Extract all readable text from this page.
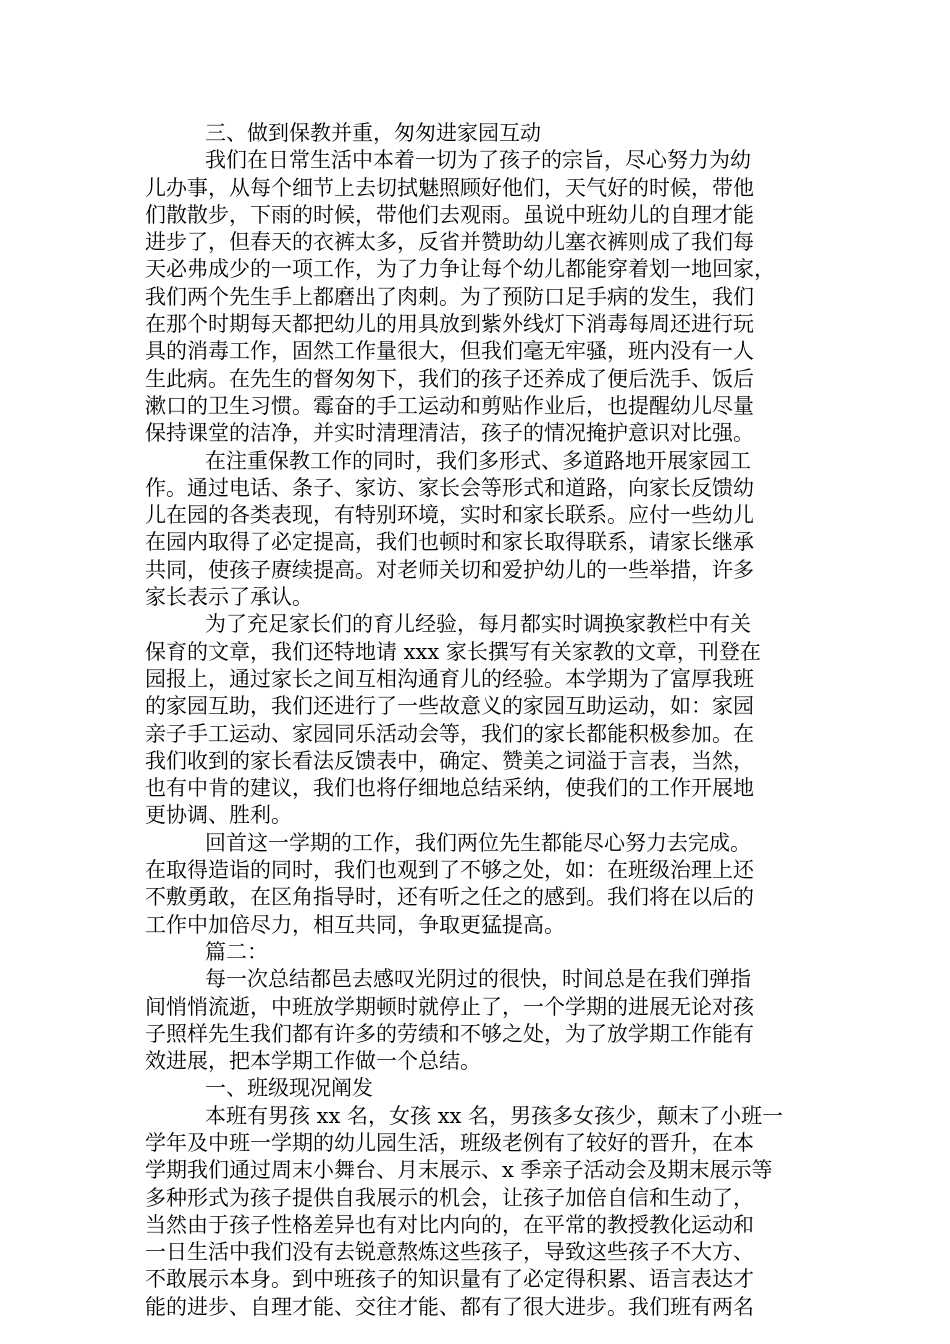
三、做到保教并重，匆匆进家园互动
我们在日常生活中本着一切为了孩子的宗旨，尽心努力为幼
儿办事，从每个细节上去切拭魅照顾好他们，天气好的时候，带他
们散散步，下雨的时候，带他们去观雨。虽说中班幼儿的自理才能
进步了，但春天的衣裤太多，反省并赞助幼儿塞衣裤则成了我们每
天必弗成少的一项工作，为了力争让每个幼儿都能穿着划一地回家，
我们两个先生手上都磨出了肉刺。为了预防口足手病的发生，我们
在那个时期每天都把幼儿的用具放到紫外线灯下消毒每周还进行玩
具的消毒工作，固然工作量很大，但我们毫无牢骚，班内没有一人
生此病。在先生的督匆匆下，我们的孩子还养成了便后洗手、饭后
漱口的卫生习惯。霉奋的手工运动和剪贴作业后，也提醒幼儿尽量
保持课堂的洁净，并实时清理清洁，孩子的情况掩护意识对比强。
在注重保教工作的同时，我们多形式、多道路地开展家园工
作。通过电话、条子、家访、家长会等形式和道路，向家长反馈幼
儿在园的各类表现，有特别环境，实时和家长联系。应付一些幼儿
在园内取得了必定提高，我们也顿时和家长取得联系，请家长继承
共同，使孩子赓续提高。对老师关切和爱护幼儿的一些举措，许多
家长表示了承认。
为了充足家长们的育儿经验，每月都实时调换家教栏中有关
保育的文章，我们还特地请 xxx 家长撰写有关家教的文章，刊登在
园报上，通过家长之间互相沟通育儿的经验。本学期为了富厚我班
的家园互助，我们还进行了一些故意义的家园互助运动，如：家园
亲子手工运动、家园同乐活动会等，我们的家长都能积极参加。在
我们收到的家长看法反馈表中，确定、赞美之词溢于言表，当然，
也有中肯的建议，我们也将仔细地总结采纳，使我们的工作开展地
更协调、胜利。
回首这一学期的工作，我们两位先生都能尽心努力去完成。
在取得造诣的同时，我们也观到了不够之处，如：在班级治理上还
不敷勇敢，在区角指导时，还有听之任之的感到。我们将在以后的
工作中加倍尽力，相互共同，争取更猛提高。
篇二：
每一次总结都邑去感叹光阴过的很快，时间总是在我们弹指
间悄悄流逝，中班放学期顿时就停止了，一个学期的进展无论对孩
子照样先生我们都有许多的劳绩和不够之处，为了放学期工作能有
效进展，把本学期工作做一个总结。
一、班级现况阐发
本班有男孩 xx 名，女孩 xx 名，男孩多女孩少，颠末了小班一
学年及中班一学期的幼儿园生活，班级老例有了较好的晋升，在本
学期我们通过周末小舞台、月末展示、x 季亲子活动会及期末展示等
多种形式为孩子提供自我展示的机会，让孩子加倍自信和生动了，
当然由于孩子性格差异也有对比内向的，在平常的教授教化运动和
一日生活中我们没有去锐意熬炼这些孩子，导致这些孩子不大方、
不敢展示本身。到中班孩子的知识量有了必定得积累、语言表达才
能的进步、自理才能、交往才能、都有了很大进步。我们班有两名
